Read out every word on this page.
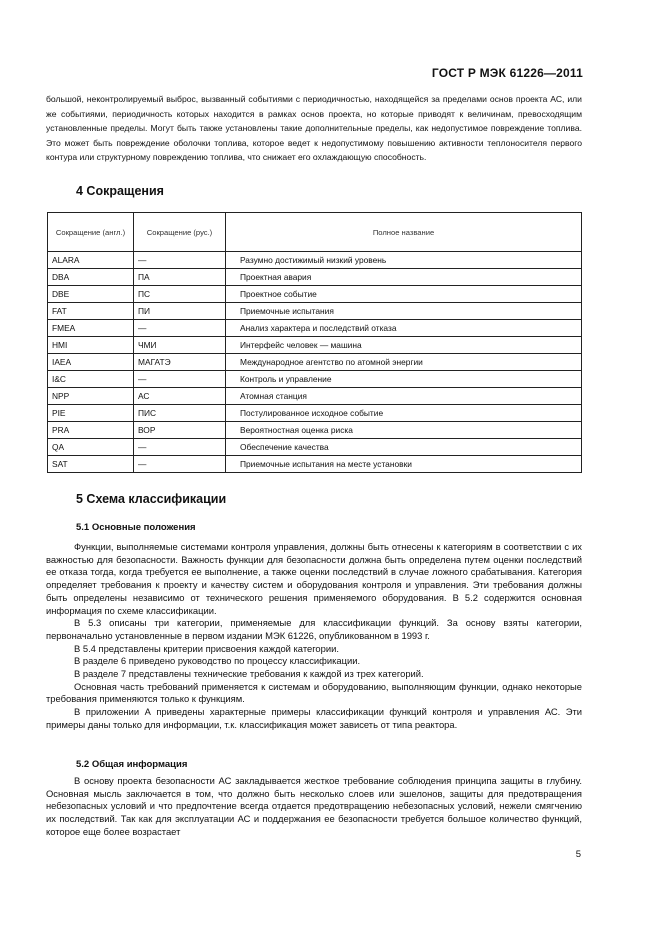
ГОСТ Р МЭК 61226—2011

большой, неконтролируемый выброс, вызванный событиями с периодичностью, находящейся за пределами основ проекта АС, или же событиями, периодичность которых находится в рамках основ проекта, но которые приводят к величинам, превосходящим установленные пределы. Могут быть также установлены такие дополнительные пределы, как недопустимое повреждение топлива. Это может быть повреждение оболочки топлива, которое ведет к недопустимому повышению активности теплоносителя первого контура или структурному повреждению топлива, что снижает его охлаждающую способность.

4 Сокращения
Сокращение (англ.)	Сокращение (рус.)	Полное название
ALARA	—	Разумно достижимый низкий уровень
DBA	ПА	Проектная авария
DBE	ПС	Проектное событие
FAT	ПИ	Приемочные испытания
FMEA	—	Анализ характера и последствий отказа
HMI	ЧМИ	Интерфейс человек — машина
IAEA	МАГАТЭ	Международное агентство по атомной энергии
I&C	—	Контроль и управление
NPP	АС	Атомная станция
PIE	ПИС	Постулированное исходное событие
PRA	ВОР	Вероятностная оценка риска
QA	—	Обеспечение качества
SAT	—	Приемочные испытания на месте установки
5 Схема классификации
5.1 Основные положения

Функции, выполняемые системами контроля управления, должны быть отнесены к категориям в соответствии с их важностью для безопасности. Важность функции для безопасности должна быть определена путем оценки последствий ее отказа тогда, когда требуется ее выполнение, а также оценки последствий в случае ложного срабатывания. Категория определяет требования к проекту и качеству систем и оборудования контроля и управления. Эти требования должны быть определены независимо от технического решения применяемого оборудования. В 5.2 содержится основная информация по схеме классификации.

В 5.3 описаны три категории, применяемые для классификации функций. За основу взяты категории, первоначально установленные в первом издании МЭК 61226, опубликованном в 1993 г.

В 5.4 представлены критерии присвоения каждой категории.

В разделе 6 приведено руководство по процессу классификации.

В разделе 7 представлены технические требования к каждой из трех категорий.

Основная часть требований применяется к системам и оборудованию, выполняющим функции, однако некоторые требования применяются только к функциям.

В приложении А приведены характерные примеры классификации функций контроля и управления АС. Эти примеры даны только для информации, т.к. классификация может зависеть от типа реактора.

5.2 Общая информация

В основу проекта безопасности АС закладывается жесткое требование соблюдения принципа защиты в глубину. Основная мысль заключается в том, что должно быть несколько слоев или эшелонов, защиты для предотвращения небезопасных условий и что предпочтение всегда отдается предотвращению небезопасных условий, нежели смягчению их последствий. Так как для эксплуатации АС и поддержания ее безопасности требуется большое количество функций, которое еще более возрастает

5
